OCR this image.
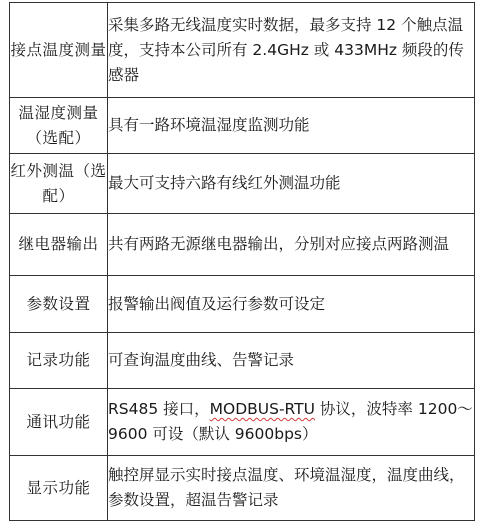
接点温度测量	采集多路无线温度实时数据，最多支持 12 个触点温度，支持本公司所有 2.4GHz 或 433MHz 频段的传感器
温湿度测量（选配）	具有一路环境温湿度监测功能
红外测温（选配）	最大可支持六路有线红外测温功能
继电器输出	共有两路无源继电器输出，分别对应接点两路测温
参数设置	报警输出阀值及运行参数可设定
记录功能	可查询温度曲线、告警记录
通讯功能	RS485 接口，MODBUS-RTU 协议，波特率 1200～9600 可设（默认 9600bps）
显示功能	触控屏显示实时接点温度、环境温湿度，温度曲线，参数设置，超温告警记录
